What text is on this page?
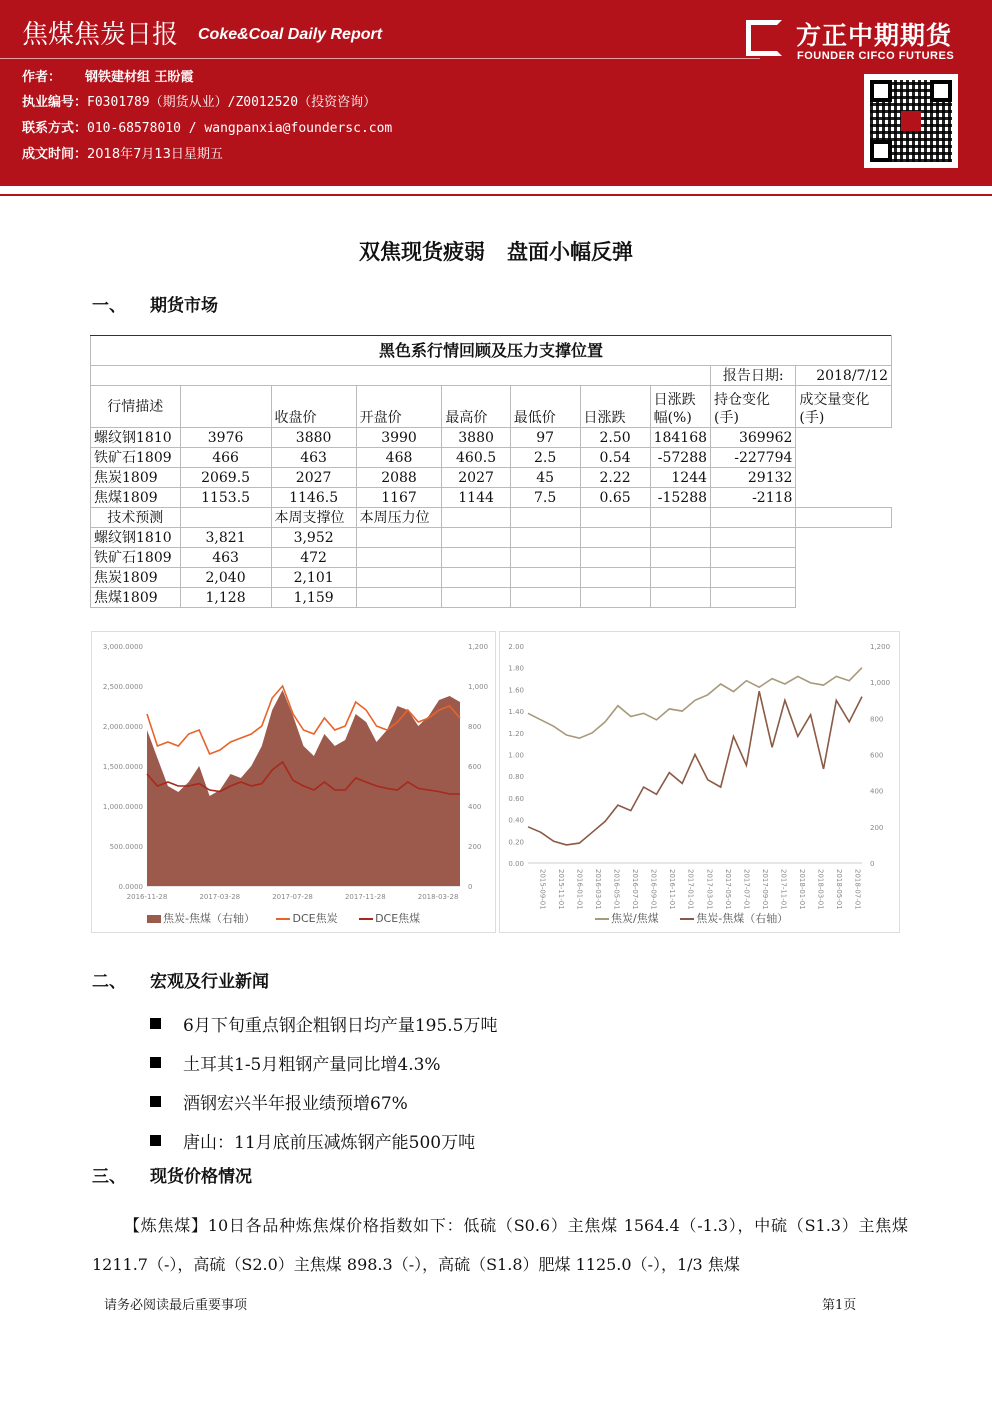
焦煤焦炭日报 Coke&Coal Daily Report
作者： 钢铁建材组 王盼霞
执业编号：F0301789（期货从业）/Z0012520（投资咨询）
联系方式：010-68578010 / wangpanxia@foundersc.com
成文时间：2018年7月13日星期五
方正中期期货
FOUNDER CIFCO FUTURES
双焦现货疲弱   盘面小幅反弹
一、 期货市场
黑色系行情回顾及压力支撑位置									
								报告日期:	2018/7/12
行情描述		收盘价	开盘价	最高价	最低价	日涨跌	日涨跌幅(%)	持仓变化(手)	成交量变化(手)
螺纹钢1810	3976	3880	3990	3880	97	2.50	184168	369962	
铁矿石1809	466	463	468	460.5	2.5	0.54	-57288	-227794	
焦炭1809	2069.5	2027	2088	2027	45	2.22	1244	29132	
焦煤1809	1153.5	1146.5	1167	1144	7.5	0.65	-15288	-2118	
技术预测		本周支撑位	本周压力位						
螺纹钢1810	3,821	3,952							
铁矿石1809	463	472							
焦炭1809	2,040	2,101							
焦煤1809	1,128	1,159							
0.0000
500.0000
1,000.0000
1,500.0000
2,000.0000
2,500.0000
3,000.0000
0
200
400
600
800
1,000
1,200
2016-11-28	2017-03-28	2017-07-28	2017-11-28	2018-03-28
焦炭-焦煤（右轴）	DCE焦炭	DCE焦煤
0.00
0.20
0.40
0.60
0.80
1.00
1.20
1.40
1.60
1.80
2.00
0
200
400
600
800
1,000
1,200
2015-09-01 2015-11-01 2016-01-01 2016-03-01 2016-05-01 2016-07-01 2016-09-01 2016-11-01 2017-01-01 2017-03-01 2017-05-01 2017-07-01 2017-09-01 2017-11-01 2018-01-01 2018-03-01 2018-05-01 2018-07-01
焦炭/焦煤	焦炭-焦煤（右轴）
二、 宏观及行业新闻
6月下旬重点钢企粗钢日均产量195.5万吨
土耳其1-5月粗钢产量同比增4.3%
酒钢宏兴半年报业绩预增67%
唐山：11月底前压减炼钢产能500万吨
三、 现货价格情况
【炼焦煤】10日各品种炼焦煤价格指数如下：低硫（S0.6）主焦煤 1564.4（-1.3），中硫（S1.3）主焦煤 1211.7（-），高硫（S2.0）主焦煤 898.3（-），高硫（S1.8）肥煤 1125.0（-），1/3 焦煤
请务必阅读最后重要事项	第1页
